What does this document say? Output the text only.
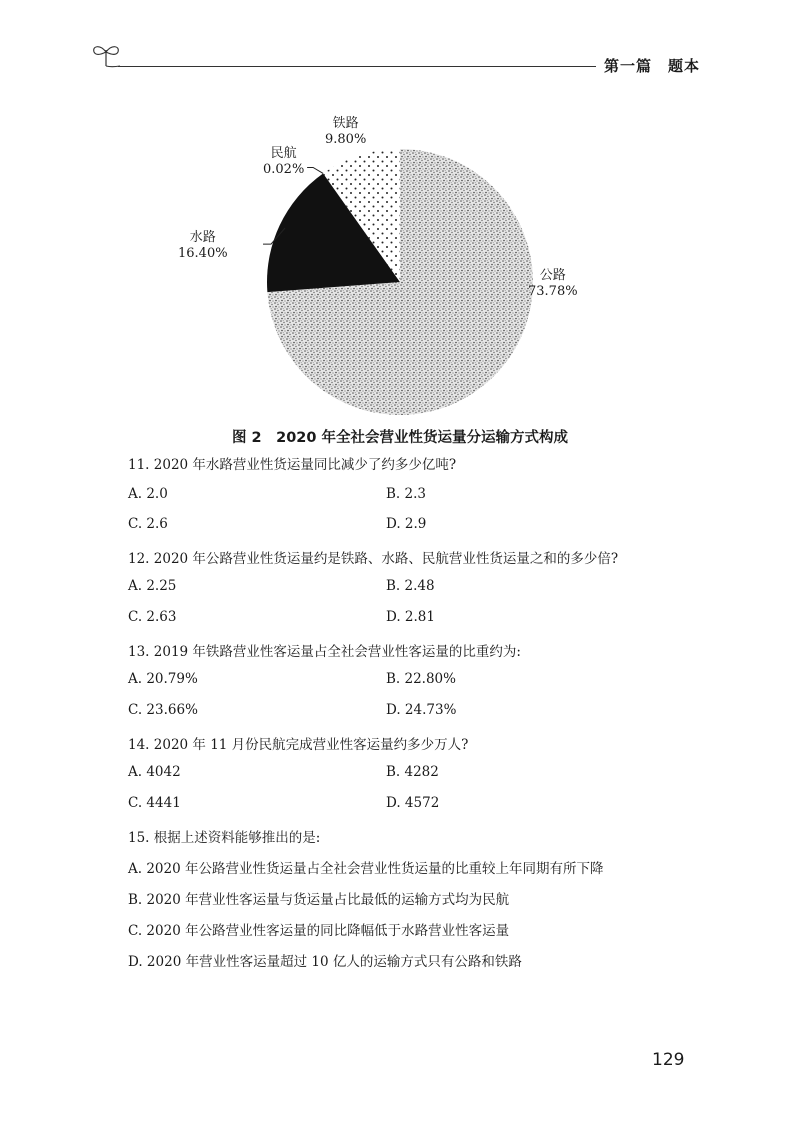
第一篇　题本
铁路
9.80%
民航
0.02%
水路
16.40%
公路
73.78%
图 2　2020 年全社会营业性货运量分运输方式构成
11. 2020 年水路营业性货运量同比减少了约多少亿吨?
A. 2.0	B. 2.3
C. 2.6	D. 2.9
12. 2020 年公路营业性货运量约是铁路、水路、民航营业性货运量之和的多少倍?
A. 2.25	B. 2.48
C. 2.63	D. 2.81
13. 2019 年铁路营业性客运量占全社会营业性客运量的比重约为:
A. 20.79%	B. 22.80%
C. 23.66%	D. 24.73%
14. 2020 年 11 月份民航完成营业性客运量约多少万人?
A. 4042	B. 4282
C. 4441	D. 4572
15. 根据上述资料能够推出的是:
A. 2020 年公路营业性货运量占全社会营业性货运量的比重较上年同期有所下降
B. 2020 年营业性客运量与货运量占比最低的运输方式均为民航
C. 2020 年公路营业性客运量的同比降幅低于水路营业性客运量
D. 2020 年营业性客运量超过 10 亿人的运输方式只有公路和铁路
129
